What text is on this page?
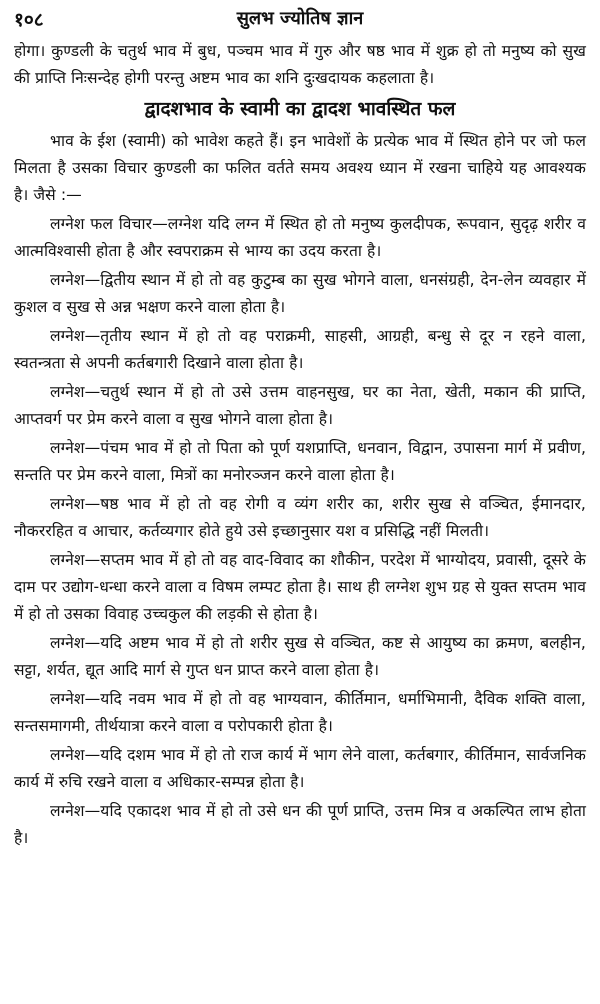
१०८	सुलभ ज्योतिष ज्ञान

होगा। कुण्डली के चतुर्थ भाव में बुध, पञ्चम भाव में गुरु और षष्ठ भाव में शुक्र हो तो मनुष्य को सुख की प्राप्ति निःसन्देह होगी परन्तु अष्टम भाव का शनि दुःखदायक कहलाता है।

द्वादशभाव के स्वामी का द्वादश भावस्थित फल

भाव के ईश (स्वामी) को भावेश कहते हैं। इन भावेशों के प्रत्येक भाव में स्थित होने पर जो फल मिलता है उसका विचार कुण्डली का फलित वर्तते समय अवश्य ध्यान में रखना चाहिये यह आवश्यक है। जैसे :—

लग्नेश फल विचार—लग्नेश यदि लग्न में स्थित हो तो मनुष्य कुलदीपक, रूपवान, सुदृढ़ शरीर व आत्मविश्वासी होता है और स्वपराक्रम से भाग्य का उदय करता है।

लग्नेश—द्वितीय स्थान में हो तो वह कुटुम्ब का सुख भोगने वाला, धनसंग्रही, देन-लेन व्यवहार में कुशल व सुख से अन्न भक्षण करने वाला होता है।

लग्नेश—तृतीय स्थान में हो तो वह पराक्रमी, साहसी, आग्रही, बन्धु से दूर न रहने वाला, स्वतन्त्रता से अपनी कर्तबगारी दिखाने वाला होता है।

लग्नेश—चतुर्थ स्थान में हो तो उसे उत्तम वाहनसुख, घर का नेता, खेती, मकान की प्राप्ति, आप्तवर्ग पर प्रेम करने वाला व सुख भोगने वाला होता है।

लग्नेश—पंचम भाव में हो तो पिता को पूर्ण यशप्राप्ति, धनवान, विद्वान, उपासना मार्ग में प्रवीण, सन्तति पर प्रेम करने वाला, मित्रों का मनोरञ्जन करने वाला होता है।

लग्नेश—षष्ठ भाव में हो तो वह रोगी व व्यंग शरीर का, शरीर सुख से वञ्चित, ईमानदार, नौकररहित व आचार, कर्तव्यगार होते हुये उसे इच्छानुसार यश व प्रसिद्धि नहीं मिलती।

लग्नेश—सप्तम भाव में हो तो वह वाद-विवाद का शौकीन, परदेश में भाग्योदय, प्रवासी, दूसरे के दाम पर उद्योग-धन्धा करने वाला व विषम लम्पट होता है। साथ ही लग्नेश शुभ ग्रह से युक्त सप्तम भाव में हो तो उसका विवाह उच्चकुल की लड़की से होता है।

लग्नेश—यदि अष्टम भाव में हो तो शरीर सुख से वञ्चित, कष्ट से आयुष्य का क्रमण, बलहीन, सट्टा, शर्यत, द्यूत आदि मार्ग से गुप्त धन प्राप्त करने वाला होता है।

लग्नेश—यदि नवम भाव में हो तो वह भाग्यवान, कीर्तिमान, धर्माभिमानी, दैविक शक्ति वाला, सन्तसमागमी, तीर्थयात्रा करने वाला व परोपकारी होता है।

लग्नेश—यदि दशम भाव में हो तो राज कार्य में भाग लेने वाला, कर्तबगार, कीर्तिमान, सार्वजनिक कार्य में रुचि रखने वाला व अधिकार-सम्पन्न होता है।

लग्नेश—यदि एकादश भाव में हो तो उसे धन की पूर्ण प्राप्ति, उत्तम मित्र व अकल्पित लाभ होता है।
